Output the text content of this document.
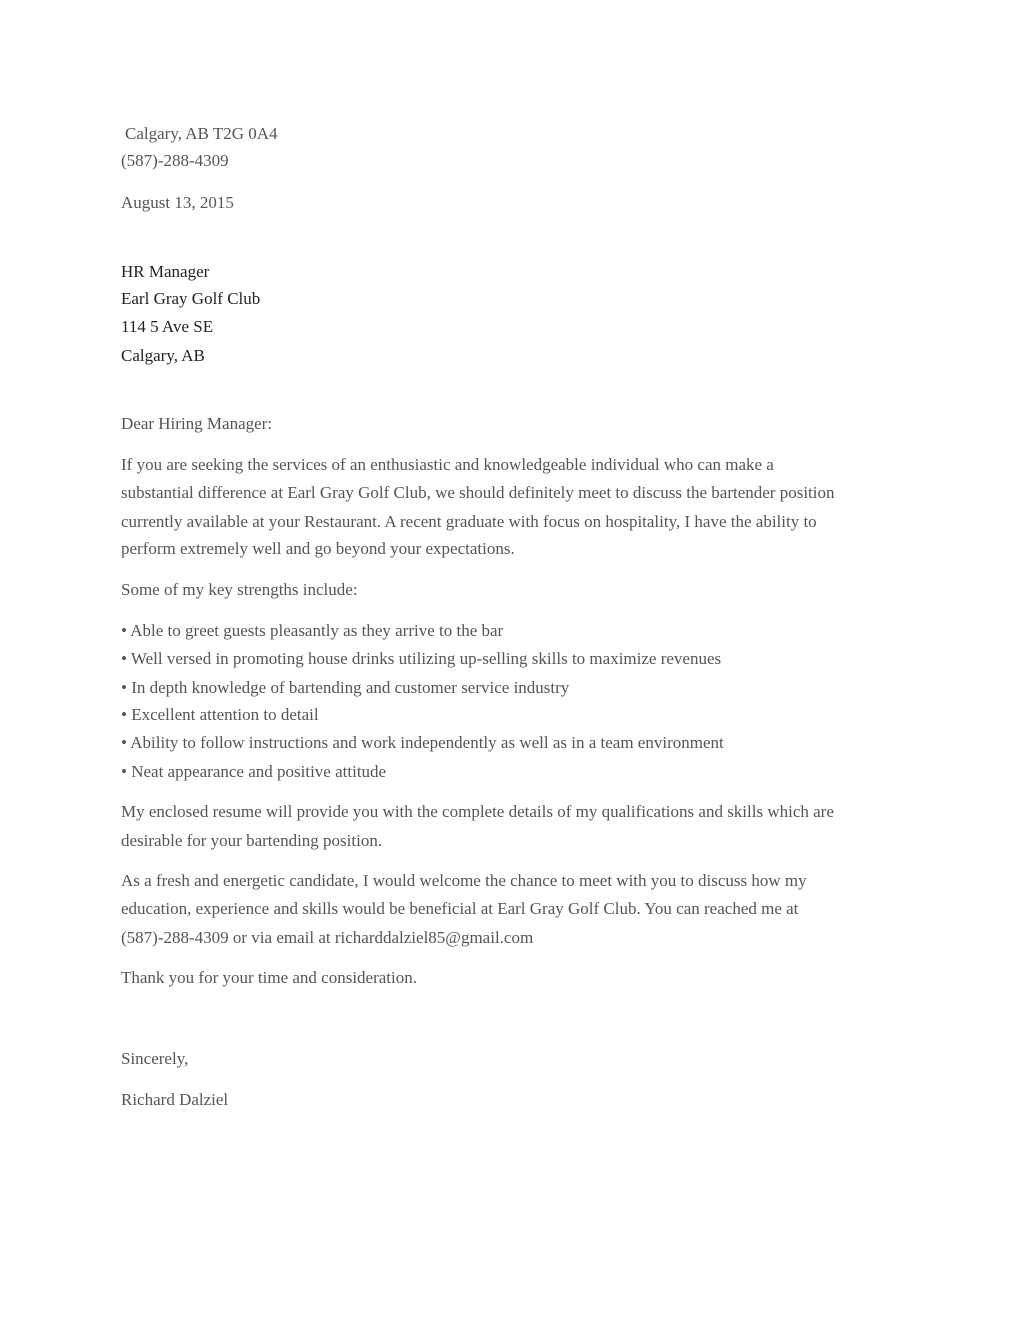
Calgary, AB T2G 0A4
(587)-288-4309
August 13, 2015
HR Manager
Earl Gray Golf Club
114 5 Ave SE
Calgary, AB
Dear Hiring Manager:
If you are seeking the services of an enthusiastic and knowledgeable individual who can make a
substantial difference at Earl Gray Golf Club, we should definitely meet to discuss the bartender position
currently available at your Restaurant. A recent graduate with focus on hospitality, I have the ability to
perform extremely well and go beyond your expectations.
Some of my key strengths include:
• Able to greet guests pleasantly as they arrive to the bar
• Well versed in promoting house drinks utilizing up-selling skills to maximize revenues
• In depth knowledge of bartending and customer service industry
• Excellent attention to detail
• Ability to follow instructions and work independently as well as in a team environment
• Neat appearance and positive attitude
My enclosed resume will provide you with the complete details of my qualifications and skills which are
desirable for your bartending position.
As a fresh and energetic candidate, I would welcome the chance to meet with you to discuss how my
education, experience and skills would be beneficial at Earl Gray Golf Club. You can reached me at
(587)-288-4309 or via email at richarddalziel85@gmail.com
Thank you for your time and consideration.
Sincerely,
Richard Dalziel
